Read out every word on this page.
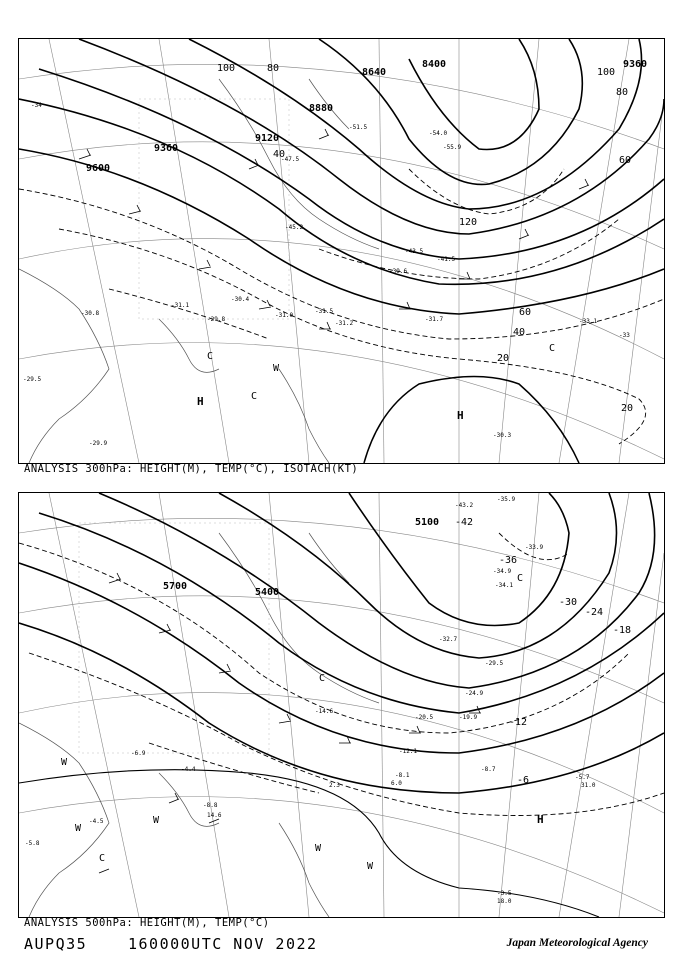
8400
8640
8880
9120
9360
9360
9600
20
20
40
40
60
60
80
80
100	100
120
H
H
C
C
C
W
-30.4
-31.1
-29.8
-31.0
-31.5
-31.2
-31.7	-33.1
-33
-30.3
-29.9
-29.5
-30.8
-45.2
-47.5
-51.5
-54.0
-55.9
-41.5
-39.6
-43.5
-34
ANALYSIS 300hPa: HEIGHT(M), TEMP(°C), ISOTACH(KT)
5100
5400
5700
-6
-12
-18
-24
-30
-36
-42
H
W
W
W
W
W
C
C
C
-35.9
-43.2
-33.9
-34.9
-34.1
-32.7
-29.5
-24.9
-19.9
-20.5
-14.6
-12.1
-8.1
-8.7
-5.7
-3.5
-6.9
-4.4
-5.8
-8.8
-4.5
14.6
31.0
18.0
6.0
2.3
ANALYSIS 500hPa: HEIGHT(M), TEMP(°C)
AUPQ35	160000UTC NOV 2022	Japan Meteorological Agency
